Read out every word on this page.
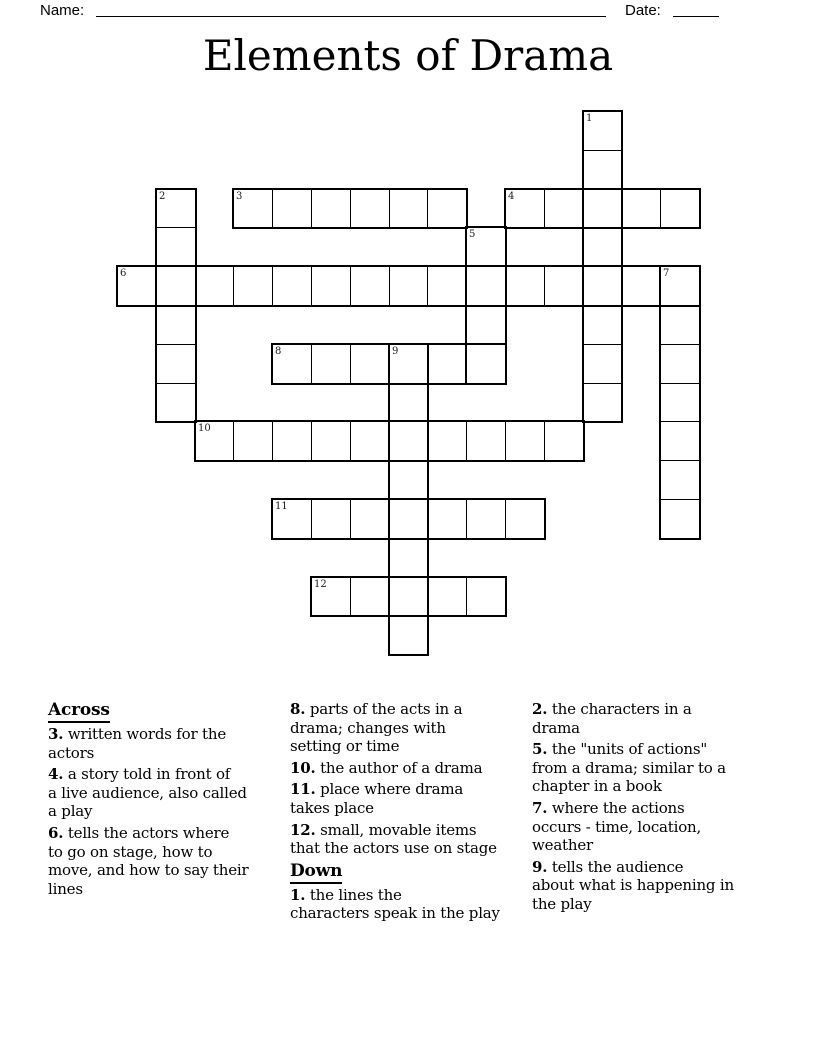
Name:	Date:
Elements of Drama
1
2	3	4
5
6	7
8	9
10
11
12
Across
3. written words for the
actors
4. a story told in front of
a live audience, also called
a play
6. tells the actors where
to go on stage, how to
move, and how to say their
lines
8. parts of the acts in a
drama; changes with
setting or time
10. the author of a drama
11. place where drama
takes place
12. small, movable items
that the actors use on stage
Down
1. the lines the
characters speak in the play
2. the characters in a
drama
5. the "units of actions"
from a drama; similar to a
chapter in a book
7. where the actions
occurs - time, location,
weather
9. tells the audience
about what is happening in
the play
